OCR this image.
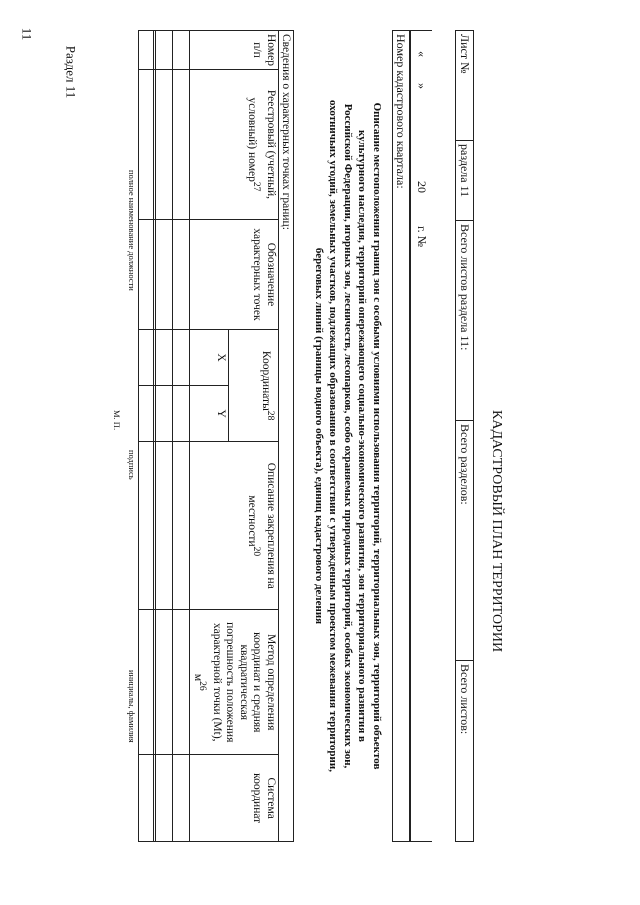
11
Раздел 11
КАДАСТРОВЫЙ ПЛАН ТЕРРИТОРИИ
Лист №	раздела 11	Всего листов раздела 11:	Всего разделов:	Всего листов:
«
»
20
г. №
Номер кадастрового квартала:
Описание местоположения границ зон с особыми условиями использования территорий, территориальных зон, территорий объектов культурного наследия, территорий опережающего социально-экономического развития, зон территориального развития в Российской Федерации, игорных зон, лесничеств, лесопарков, особо охраняемых природных территорий, особых экономических зон, охотничьих угодий, земельных участков, подлежащих образованию в соответствии с утвержденным проектом межевания территории, береговых линий (границы водного объекта), единиц кадастрового деления
Сведения о характерных точках границ:							
Номер п/п	Реестровый (учетный, условный) номер$^{27}$	Обозначение характерных точек	Координаты$^{28}$		Описание закрепления на местности$^{20}$	Метод определения координат и средняя квадратическая погрешность положения характерной точки (Mt), $м^{26}$	Система координат
			X	Y			

полное наименование должности
подпись
инициалы, фамилия
М. П.
